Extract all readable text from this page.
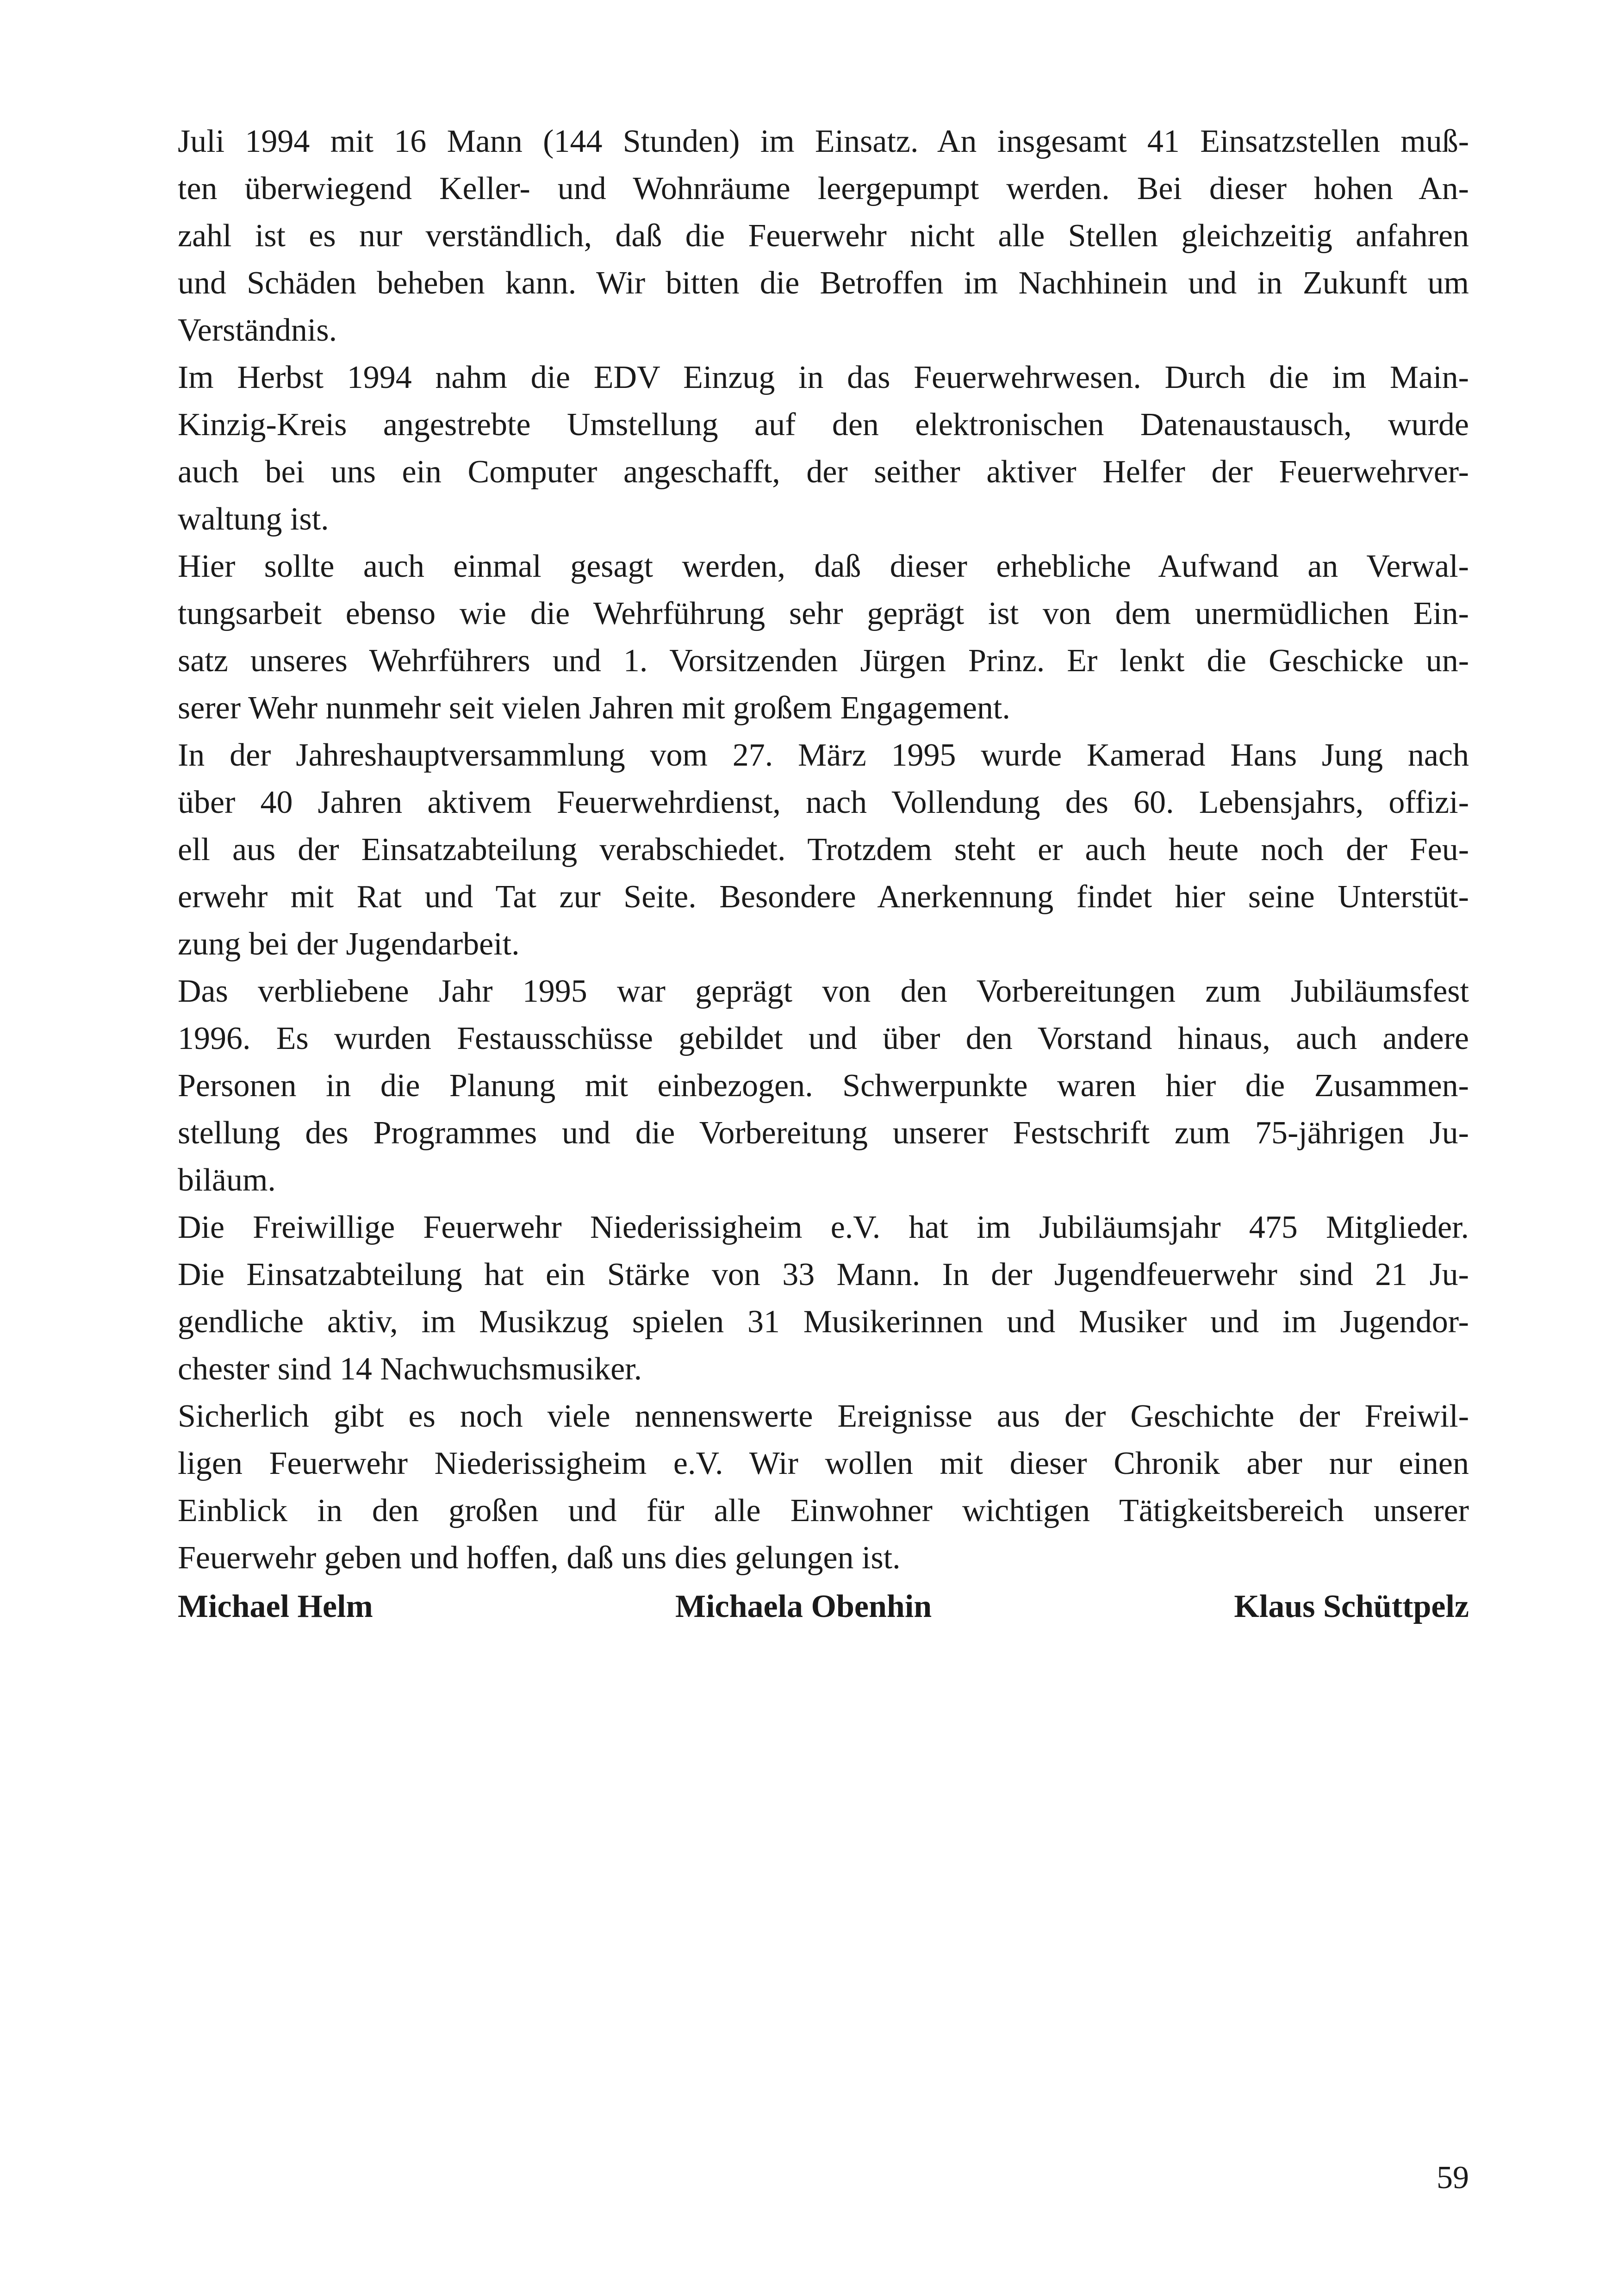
Juli 1994 mit 16 Mann (144 Stunden) im Einsatz. An insgesamt 41 Einsatzstellen muß-
ten überwiegend Keller- und Wohnräume leergepumpt werden. Bei dieser hohen An-
zahl ist es nur verständlich, daß die Feuerwehr nicht alle Stellen gleichzeitig anfahren
und Schäden beheben kann. Wir bitten die Betroffen im Nachhinein und in Zukunft um
Verständnis.
Im Herbst 1994 nahm die EDV Einzug in das Feuerwehrwesen. Durch die im Main-
Kinzig-Kreis angestrebte Umstellung auf den elektronischen Datenaustausch, wurde
auch bei uns ein Computer angeschafft, der seither aktiver Helfer der Feuerwehrver-
waltung ist.
Hier sollte auch einmal gesagt werden, daß dieser erhebliche Aufwand an Verwal-
tungsarbeit ebenso wie die Wehrführung sehr geprägt ist von dem unermüdlichen Ein-
satz unseres Wehrführers und 1. Vorsitzenden Jürgen Prinz. Er lenkt die Geschicke un-
serer Wehr nunmehr seit vielen Jahren mit großem Engagement.
In der Jahreshauptversammlung vom 27. März 1995 wurde Kamerad Hans Jung nach
über 40 Jahren aktivem Feuerwehrdienst, nach Vollendung des 60. Lebensjahrs, offizi-
ell aus der Einsatzabteilung verabschiedet. Trotzdem steht er auch heute noch der Feu-
erwehr mit Rat und Tat zur Seite. Besondere Anerkennung findet hier seine Unterstüt-
zung bei der Jugendarbeit.
Das verbliebene Jahr 1995 war geprägt von den Vorbereitungen zum Jubiläumsfest
1996. Es wurden Festausschüsse gebildet und über den Vorstand hinaus, auch andere
Personen in die Planung mit einbezogen. Schwerpunkte waren hier die Zusammen-
stellung des Programmes und die Vorbereitung unserer Festschrift zum 75-jährigen Ju-
biläum.
Die Freiwillige Feuerwehr Niederissigheim e.V. hat im Jubiläumsjahr 475 Mitglieder.
Die Einsatzabteilung hat ein Stärke von 33 Mann. In der Jugendfeuerwehr sind 21 Ju-
gendliche aktiv, im Musikzug spielen 31 Musikerinnen und Musiker und im Jugendor-
chester sind 14 Nachwuchsmusiker.
Sicherlich gibt es noch viele nennenswerte Ereignisse aus der Geschichte der Freiwil-
ligen Feuerwehr Niederissigheim e.V. Wir wollen mit dieser Chronik aber nur einen
Einblick in den großen und für alle Einwohner wichtigen Tätigkeitsbereich unserer
Feuerwehr geben und hoffen, daß uns dies gelungen ist.
Michael Helm	Michaela Obenhin	Klaus Schüttpelz
59
